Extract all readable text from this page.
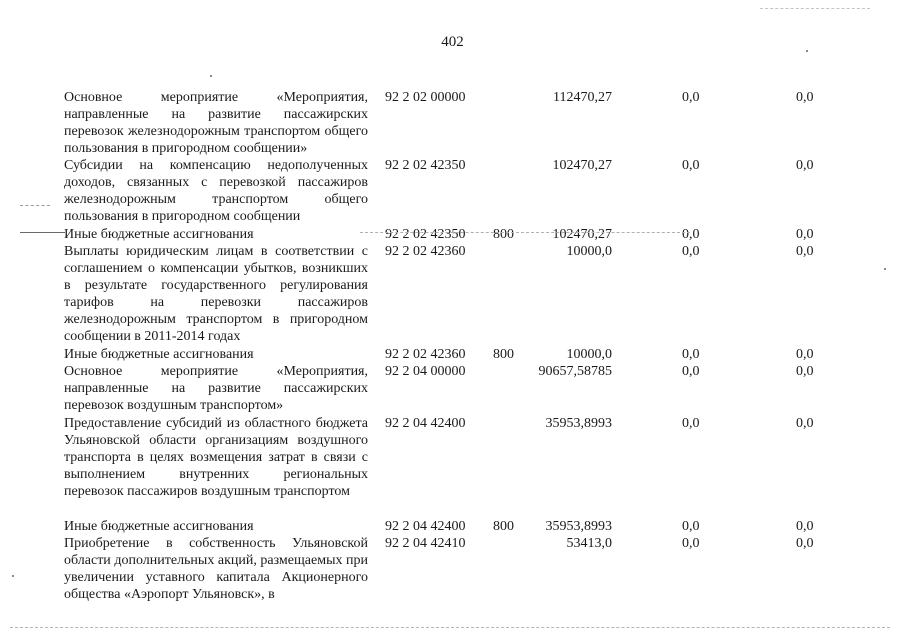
402
Основное мероприятие «Мероприятия, направленные на развитие пассажирских перевозок железнодорожным транспортом общего пользования в пригородном сообщении»
92 2 02 00000	112470,27	0,0	0,0
Субсидии на компенсацию недополученных доходов, связанных с перевозкой пассажиров железнодорожным транспортом общего пользования в пригородном сообщении
92 2 02 42350	102470,27	0,0	0,0
Иные бюджетные ассигнования	92 2 02 42350	800	102470,27	0,0	0,0
Выплаты юридическим лицам в соответствии с соглашением о компенсации убытков, возникших в результате государственного регулирования тарифов на перевозки пассажиров железнодорожным транспортом в пригородном сообщении в 2011-2014 годах
92 2 02 42360	10000,0	0,0	0,0
Иные бюджетные ассигнования	92 2 02 42360	800	10000,0	0,0	0,0
Основное мероприятие «Мероприятия, направленные на развитие пассажирских перевозок воздушным транспортом»
92 2 04 00000	90657,58785	0,0	0,0
Предоставление субсидий из областного бюджета Ульяновской области организациям воздушного транспорта в целях возмещения затрат в связи с выполнением внутренних региональных перевозок пассажиров воздушным транспортом
92 2 04 42400	35953,8993	0,0	0,0
Иные бюджетные ассигнования	92 2 04 42400	800	35953,8993	0,0	0,0
Приобретение в собственность Ульяновской области дополнительных акций, размещаемых при увеличении уставного капитала Акционерного общества «Аэропорт Ульяновск», в
92 2 04 42410	53413,0	0,0	0,0
